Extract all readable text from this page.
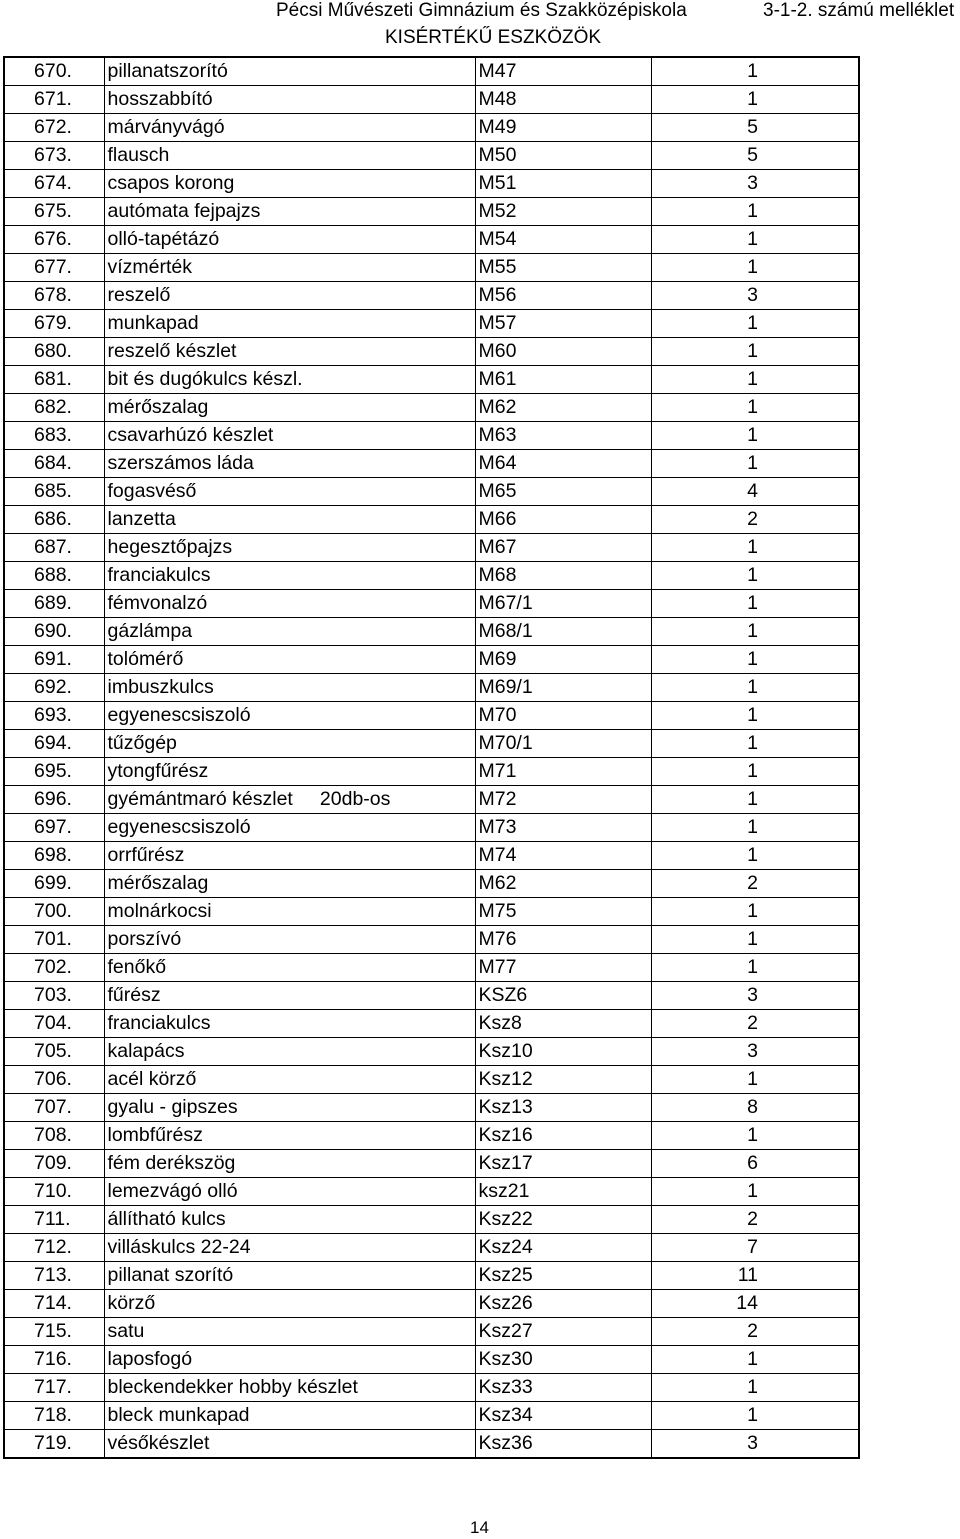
Pécsi Művészeti Gimnázium és Szakközépiskola	3-1-2. számú melléklet
KISÉRTÉKŰ ESZKÖZÖK
670.	pillanatszorító	M47	1
671.	hosszabbító	M48	1
672.	márványvágó	M49	5
673.	flausch	M50	5
674.	csapos korong	M51	3
675.	autómata fejpajzs	M52	1
676.	olló-tapétázó	M54	1
677.	vízmérték	M55	1
678.	reszelő	M56	3
679.	munkapad	M57	1
680.	reszelő készlet	M60	1
681.	bit és dugókulcs készl.	M61	1
682.	mérőszalag	M62	1
683.	csavarhúzó készlet	M63	1
684.	szerszámos láda	M64	1
685.	fogasvéső	M65	4
686.	lanzetta	M66	2
687.	hegesztőpajzs	M67	1
688.	franciakulcs	M68	1
689.	fémvonalzó	M67/1	1
690.	gázlámpa	M68/1	1
691.	tolómérő	M69	1
692.	imbuszkulcs	M69/1	1
693.	egyenescsiszoló	M70	1
694.	tűzőgép	M70/1	1
695.	ytongfűrész	M71	1
696.	gyémántmaró készlet     20db-os	M72	1
697.	egyenescsiszoló	M73	1
698.	orrfűrész	M74	1
699.	mérőszalag	M62	2
700.	molnárkocsi	M75	1
701.	porszívó	M76	1
702.	fenőkő	M77	1
703.	fűrész	KSZ6	3
704.	franciakulcs	Ksz8	2
705.	kalapács	Ksz10	3
706.	acél körző	Ksz12	1
707.	gyalu - gipszes	Ksz13	8
708.	lombfűrész	Ksz16	1
709.	fém derékszög	Ksz17	6
710.	lemezvágó olló	ksz21	1
711.	állítható kulcs	Ksz22	2
712.	villáskulcs 22-24	Ksz24	7
713.	pillanat szorító	Ksz25	11
714.	körző	Ksz26	14
715.	satu	Ksz27	2
716.	laposfogó	Ksz30	1
717.	bleckendekker hobby készlet	Ksz33	1
718.	bleck munkapad	Ksz34	1
719.	vésőkészlet	Ksz36	3
14
